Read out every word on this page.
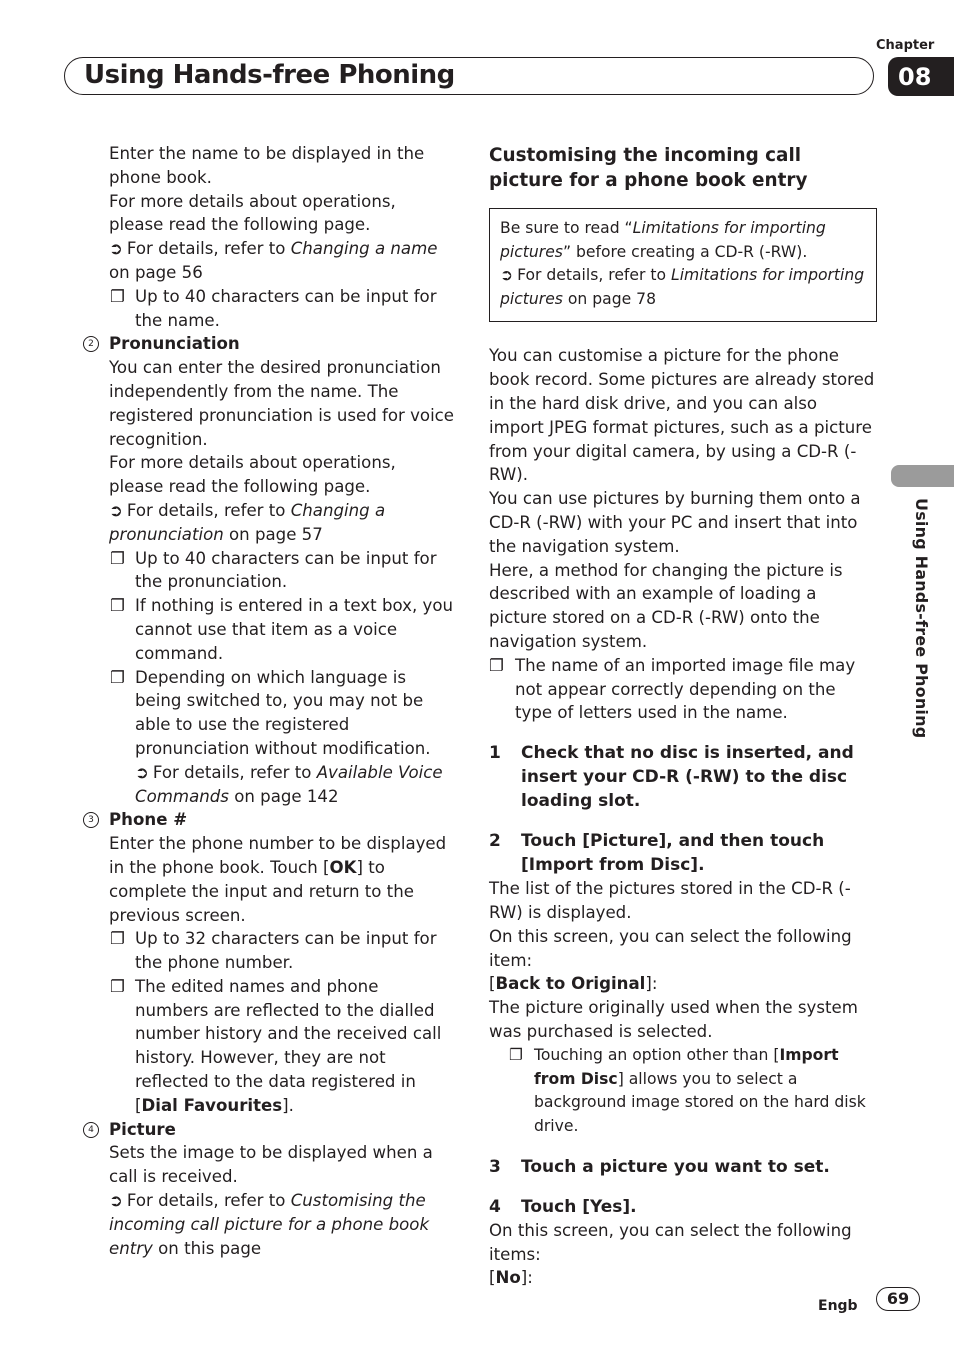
Chapter
Using Hands-free Phoning	08
Using Hands-free Phoning

Enter the name to be displayed in the phone book.

For more details about operations, please read the following page.

➲ For details, refer to Changing a name on page 56

❐ Up to 40 characters can be input for the name.

2 Pronunciation

You can enter the desired pronunciation independently from the name. The registered pronunciation is used for voice recognition.

For more details about operations, please read the following page.

➲ For details, refer to Changing a pronunciation on page 57

❐ Up to 40 characters can be input for the pronunciation.

❐ If nothing is entered in a text box, you cannot use that item as a voice command.

❐ Depending on which language is being switched to, you may not be able to use the registered pronunciation without modification.

➲ For details, refer to Available Voice Commands on page 142

3 Phone #

Enter the phone number to be displayed in the phone book. Touch [OK] to complete the input and return to the previous screen.

❐ Up to 32 characters can be input for the phone number.

❐ The edited names and phone numbers are reflected to the dialled number history and the received call history. However, they are not reflected to the data registered in [Dial Favourites].

4 Picture

Sets the image to be displayed when a call is received.

➲ For details, refer to Customising the incoming call picture for a phone book entry on this page

Customising the incoming call picture for a phone book entry

Be sure to read “Limitations for importing pictures” before creating a CD-R (-RW).

➲ For details, refer to Limitations for importing pictures on page 78

You can customise a picture for the phone book record. Some pictures are already stored in the hard disk drive, and you can also import JPEG format pictures, such as a picture from your digital camera, by using a CD-R (-RW).

You can use pictures by burning them onto a CD-R (-RW) with your PC and insert that into the navigation system.

Here, a method for changing the picture is described with an example of loading a picture stored on a CD-R (-RW) onto the navigation system.

❐ The name of an imported image file may not appear correctly depending on the type of letters used in the name.

1 Check that no disc is inserted, and insert your CD-R (-RW) to the disc loading slot.

2 Touch [Picture], and then touch [Import from Disc].

The list of the pictures stored in the CD-R (-RW) is displayed.

On this screen, you can select the following item:

[Back to Original]:

The picture originally used when the system was purchased is selected.

❐ Touching an option other than [Import from Disc] allows you to select a background image stored on the hard disk drive.

3 Touch a picture you want to set.

4 Touch [Yes].

On this screen, you can select the following items:

[No]:

Engb	69
